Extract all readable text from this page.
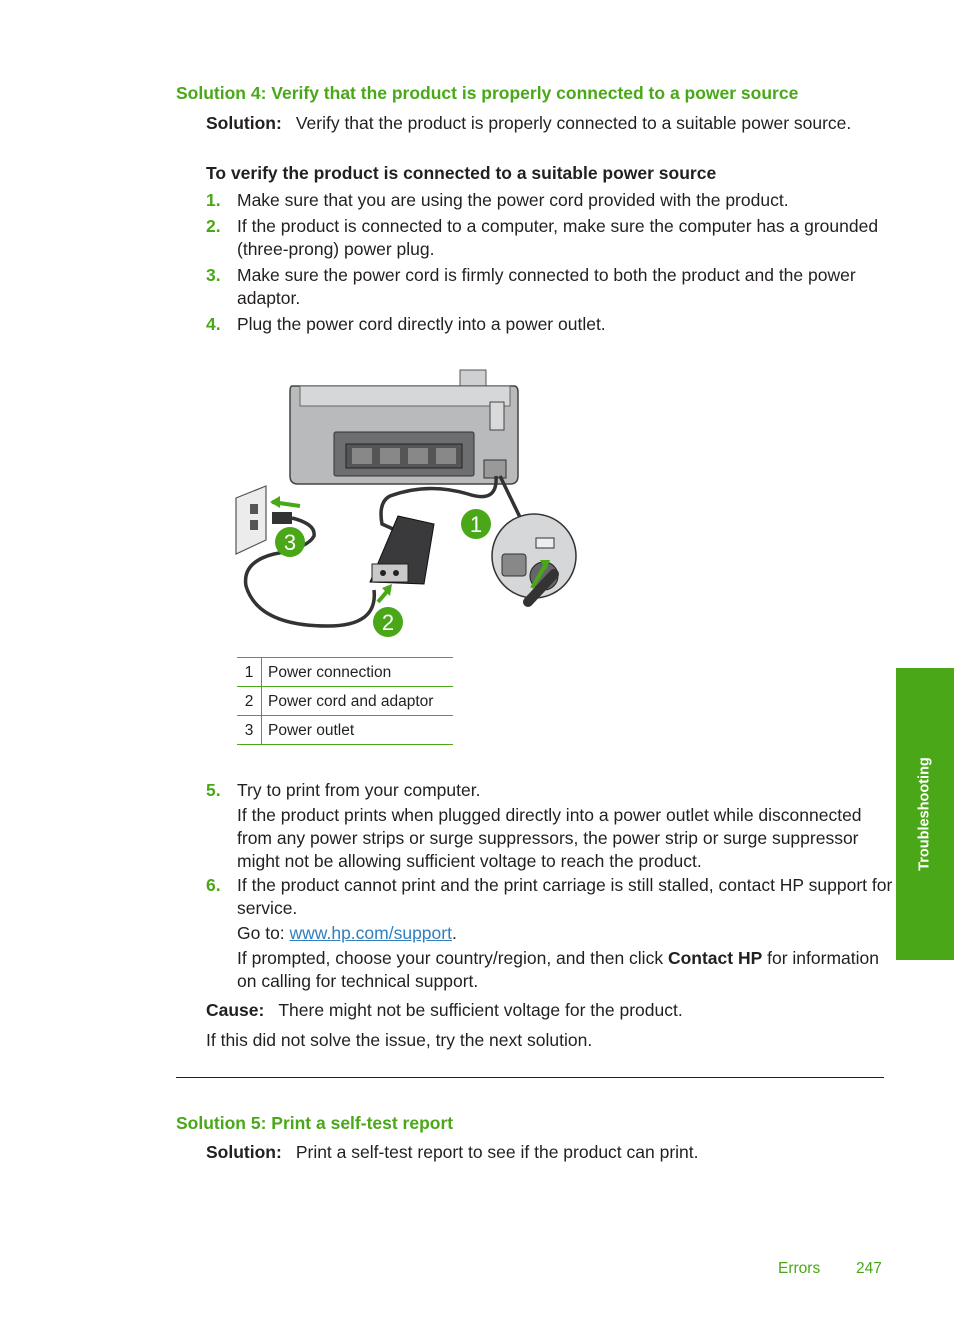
Solution 4: Verify that the product is properly connected to a power source

Solution: Verify that the product is properly connected to a suitable power source.

To verify the product is connected to a suitable power source
1. Make sure that you are using the power cord provided with the product.

2. If the product is connected to a computer, make sure the computer has a grounded (three-prong) power plug.

3. Make sure the power cord is firmly connected to both the product and the power adaptor.

4. Plug the power cord directly into a power outlet.

1
2
3
1	Power connection
2	Power cord and adaptor
3	Power outlet
5. Try to print from your computer.

If the product prints when plugged directly into a power outlet while disconnected from any power strips or surge suppressors, the power strip or surge suppressor might not be allowing sufficient voltage to reach the product.

6. If the product cannot print and the print carriage is still stalled, contact HP support for service.

Go to: www.hp.com/support.

If prompted, choose your country/region, and then click Contact HP for information on calling for technical support.

Cause: There might not be sufficient voltage for the product.

If this did not solve the issue, try the next solution.

Solution 5: Print a self-test report

Solution: Print a self-test report to see if the product can print.

Troubleshooting
Errors 247
